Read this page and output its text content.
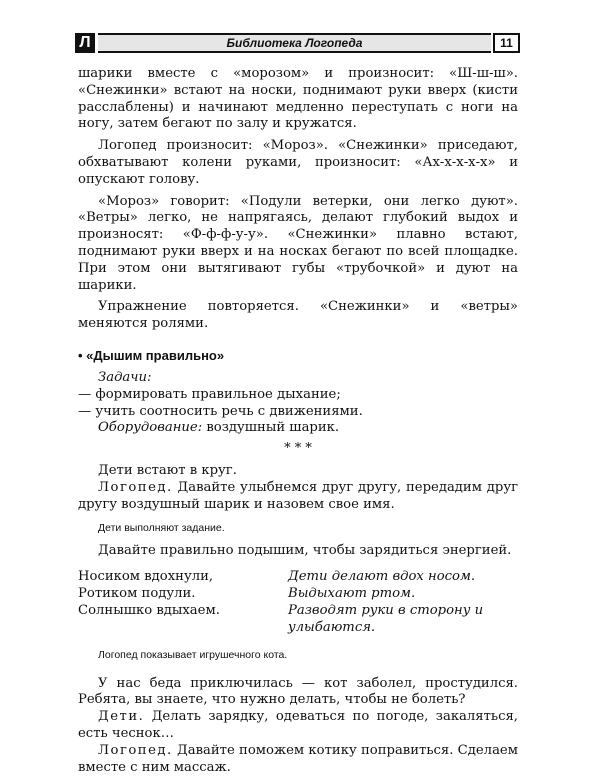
Л	Библиотека Логопеда	11

шарики вместе с «морозом» и произносит: «Ш-ш-ш». «Снежинки» встают на носки, поднимают руки вверх (кисти расслаблены) и начинают медленно переступать с ноги на ногу, затем бегают по залу и кружатся.

Логопед произносит: «Мороз». «Снежинки» приседают, обхватывают колени руками, произносит: «Ах-х-х-х-х» и опускают голову.

«Мороз» говорит: «Подули ветерки, они легко дуют». «Ветры» легко, не напрягаясь, делают глубокий выдох и произносят: «Ф-ф-ф-у-у». «Снежинки» плавно встают, поднимают руки вверх и на носках бегают по всей площадке. При этом они вытягивают губы «трубочкой» и дуют на шарики.

Упражнение повторяется. «Снежинки» и «ветры» меняются ролями.

• «Дышим правильно»

Задачи:

— формировать правильное дыхание;

— учить соотносить речь с движениями.

Оборудование: воздушный шарик.

* * *

Дети встают в круг.

Логопед. Давайте улыбнемся друг другу, передадим друг другу воздушный шарик и назовем свое имя.

Дети выполняют задание.

Давайте правильно подышим, чтобы зарядиться энергией.

Носиком вдохнули,

Ротиком подули.

Солнышко вдыхаем.

Дети делают вдох носом.

Выдыхают ртом.

Разводят руки в сторону и улыбаются.

Логопед показывает игрушечного кота.

У нас беда приключилась — кот заболел, простудился. Ребята, вы знаете, что нужно делать, чтобы не болеть?

Дети. Делать зарядку, одеваться по погоде, закаляться, есть чеснок…

Логопед. Давайте поможем котику поправиться. Сделаем вместе с ним массаж.
